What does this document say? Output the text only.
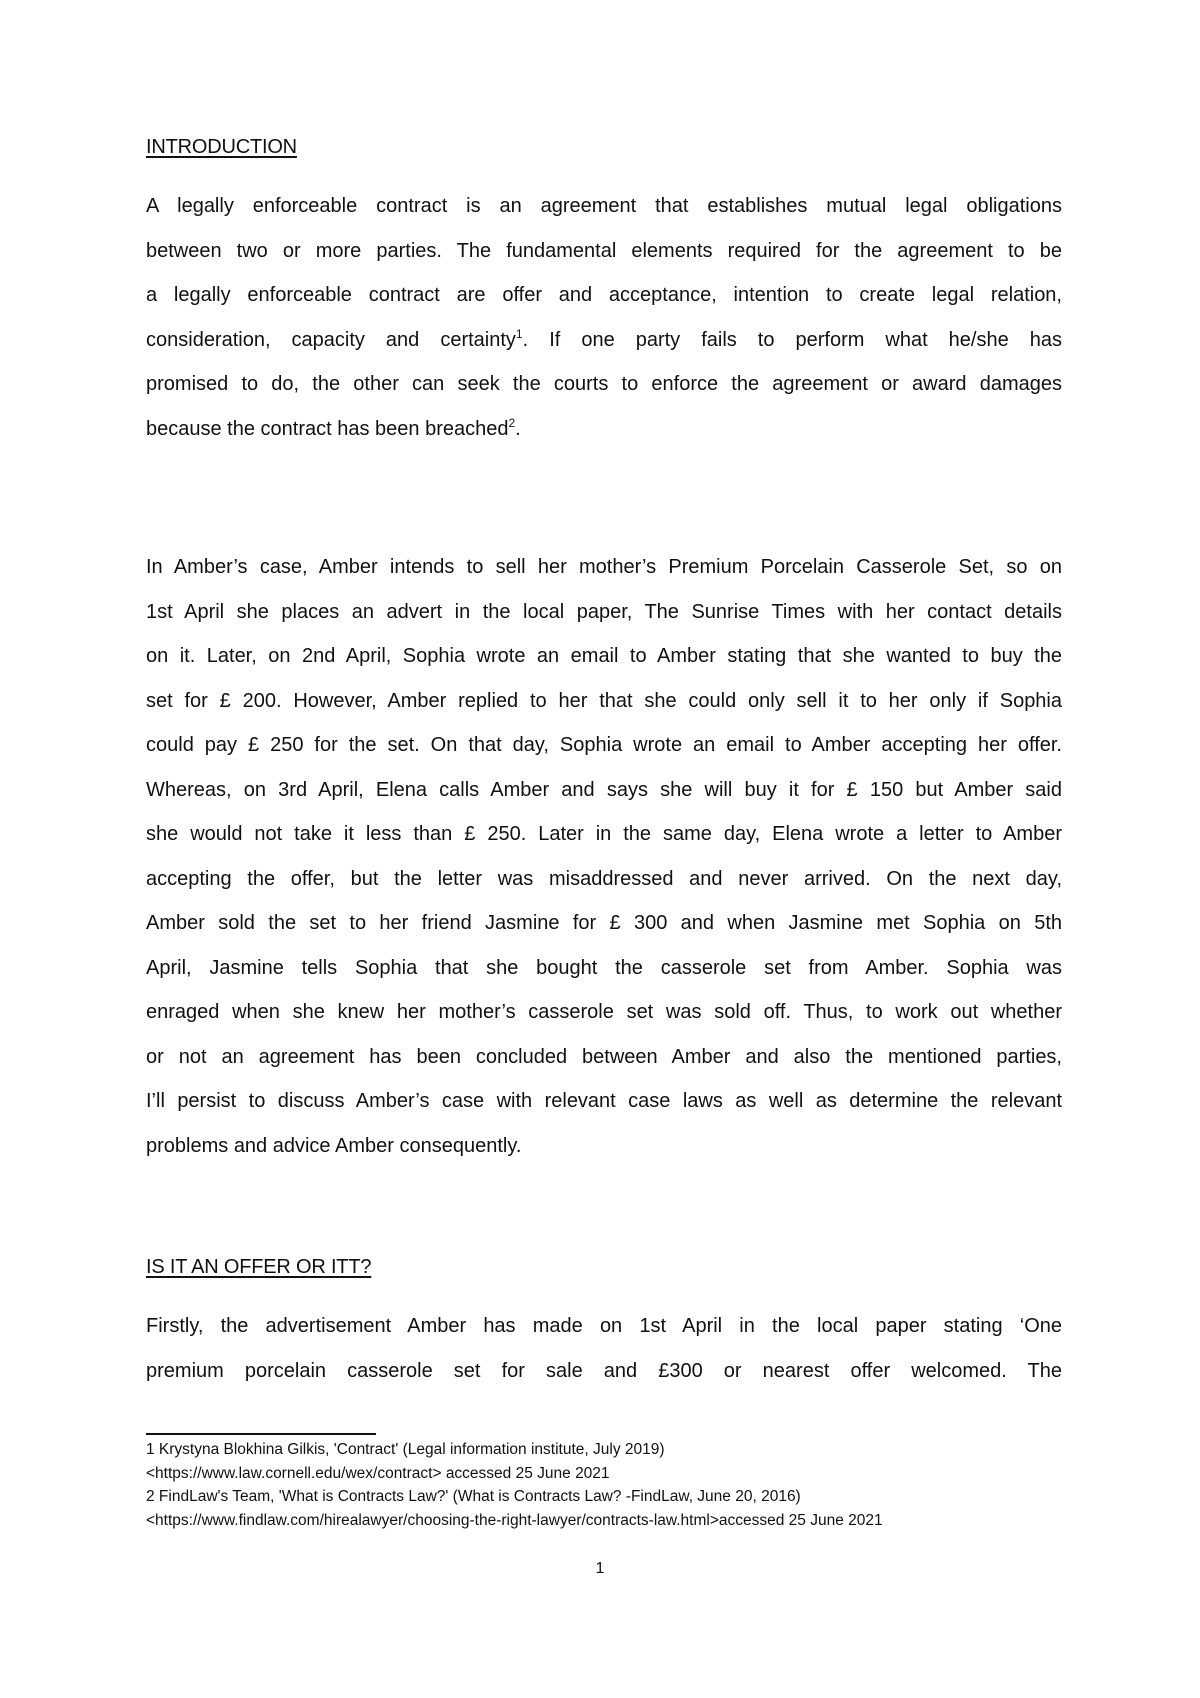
INTRODUCTION
A legally enforceable contract is an agreement that establishes mutual legal obligations
between two or more parties. The fundamental elements required for the agreement to be
a legally enforceable contract are offer and acceptance, intention to create legal relation,
consideration, capacity and certainty$^1$. If one party fails to perform what he/she has
promised to do, the other can seek the courts to enforce the agreement or award damages
because the contract has been breached$^2$.
In Amber’s case, Amber intends to sell her mother’s Premium Porcelain Casserole Set, so on
1st April she places an advert in the local paper, The Sunrise Times with her contact details
on it. Later, on 2nd April, Sophia wrote an email to Amber stating that she wanted to buy the
set for £ 200. However, Amber replied to her that she could only sell it to her only if Sophia
could pay £ 250 for the set. On that day, Sophia wrote an email to Amber accepting her offer.
Whereas, on 3rd April, Elena calls Amber and says she will buy it for £ 150 but Amber said
she would not take it less than £ 250. Later in the same day, Elena wrote a letter to Amber
accepting the offer, but the letter was misaddressed and never arrived. On the next day,
Amber sold the set to her friend Jasmine for £ 300 and when Jasmine met Sophia on 5th
April, Jasmine tells Sophia that she bought the casserole set from Amber. Sophia was
enraged when she knew her mother’s casserole set was sold off. Thus, to work out whether
or not an agreement has been concluded between Amber and also the mentioned parties,
I’ll persist to discuss Amber’s case with relevant case laws as well as determine the relevant
problems and advice Amber consequently.
IS IT AN OFFER OR ITT?
Firstly, the advertisement Amber has made on 1st April in the local paper stating ‘One
premium porcelain casserole set for sale and £300 or nearest offer welcomed. The
1 Krystyna Blokhina Gilkis, 'Contract' (Legal information institute, July 2019)
<https://www.law.cornell.edu/wex/contract> accessed 25 June 2021
2 FindLaw's Team, 'What is Contracts Law?' (What is Contracts Law? -FindLaw, June 20, 2016)
<https://www.findlaw.com/hirealawyer/choosing-the-right-lawyer/contracts-law.html>accessed 25 June 2021
1
